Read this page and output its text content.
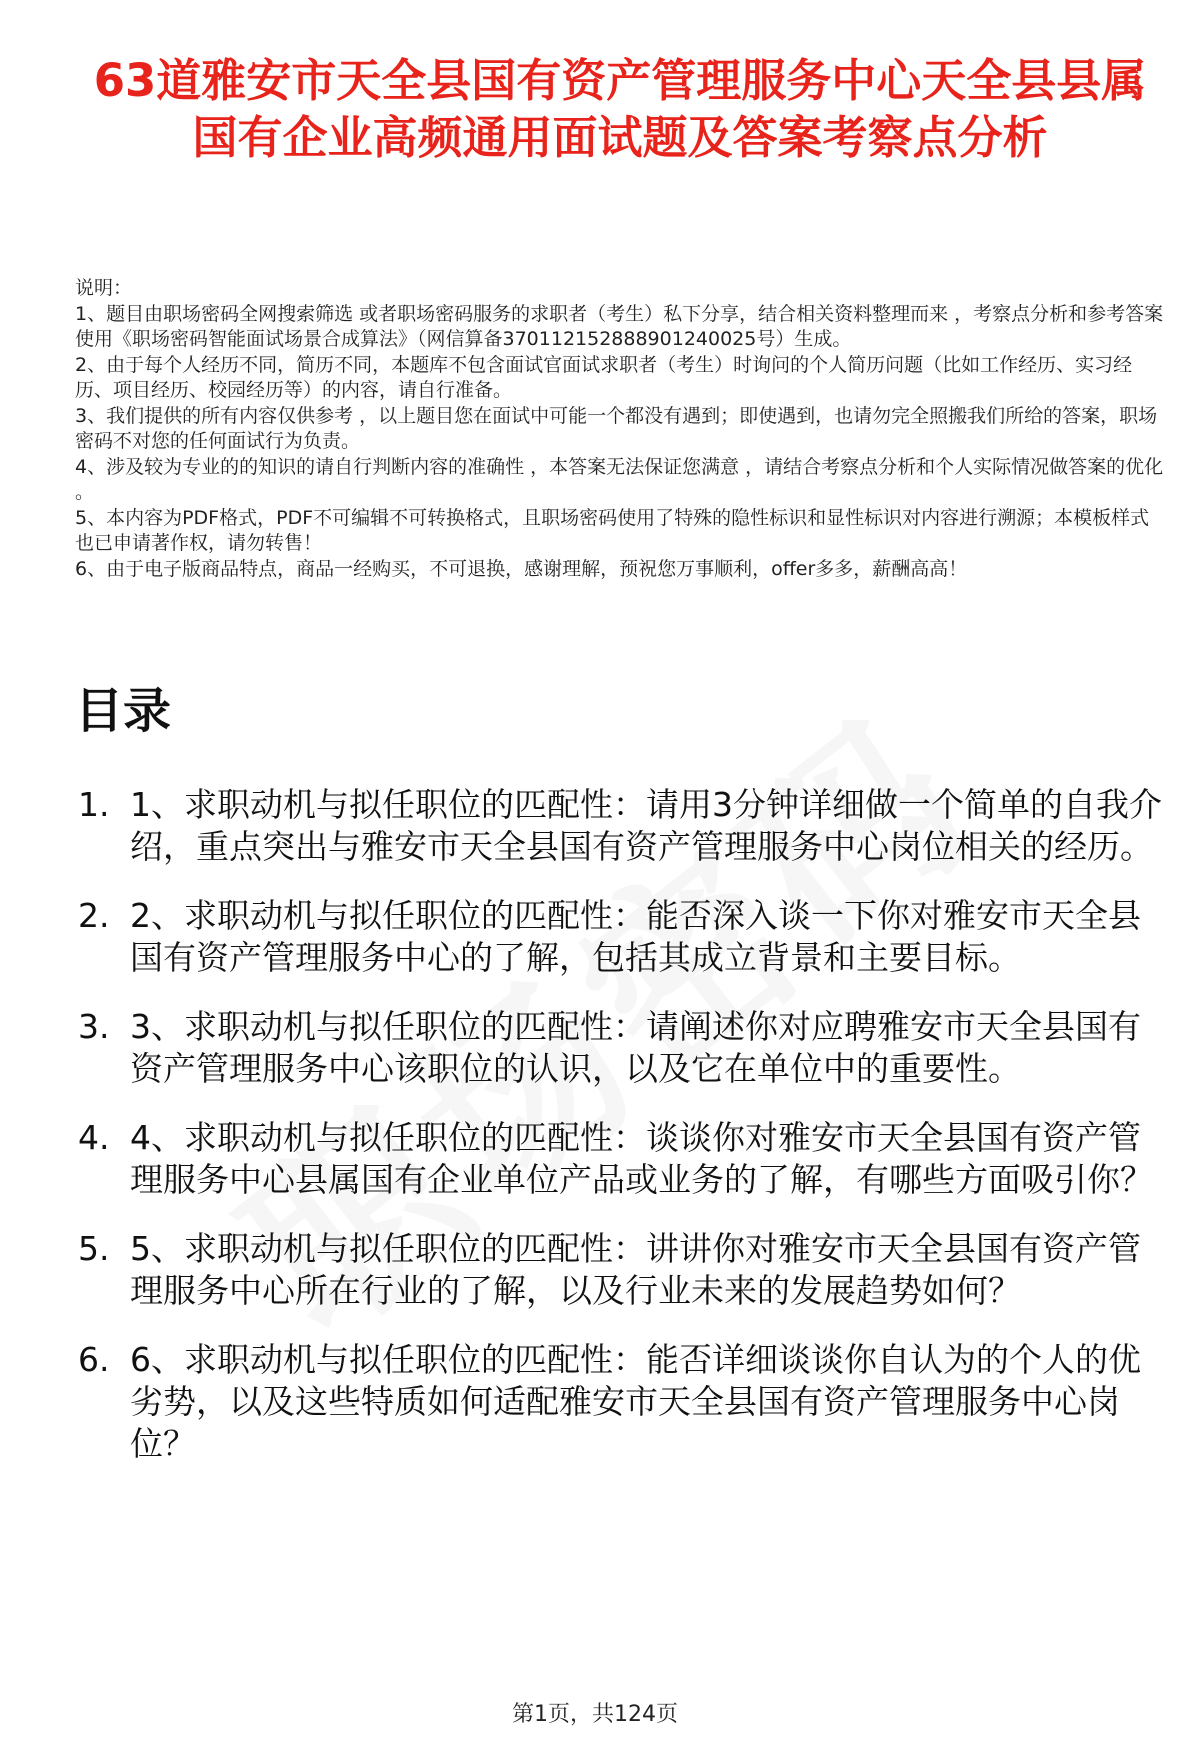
63道雅安市天全县国有资产管理服务中心天全县县属国有企业高频通用面试题及答案考察点分析

说明：

1、题目由职场密码全网搜索筛选 或者职场密码服务的求职者（考生）私下分享，结合相关资料整理而来 ，考察点分析和参考答案使用《职场密码智能面试场景合成算法》（网信算备370112152888901240025号）生成。

2、由于每个人经历不同，简历不同，本题库不包含面试官面试求职者（考生）时询问的个人简历问题（比如工作经历、实习经历、项目经历、校园经历等）的内容，请自行准备。

3、我们提供的所有内容仅供参考 ，以上题目您在面试中可能一个都没有遇到；即使遇到，也请勿完全照搬我们所给的答案，职场密码不对您的任何面试行为负责。

4、涉及较为专业的的知识的请自行判断内容的准确性 ，本答案无法保证您满意 ，请结合考察点分析和个人实际情况做答案的优化 。

5、本内容为PDF格式，PDF不可编辑不可转换格式，且职场密码使用了特殊的隐性标识和显性标识对内容进行溯源；本模板样式也已申请著作权，请勿转售！

6、由于电子版商品特点，商品一经购买，不可退换，感谢理解，预祝您万事顺利，offer多多，薪酬高高！

目录
1. 1、求职动机与拟任职位的匹配性：请用3分钟详细做一个简单的自我介绍，重点突出与雅安市天全县国有资产管理服务中心岗位相关的经历。
2. 2、求职动机与拟任职位的匹配性：能否深入谈一下你对雅安市天全县国有资产管理服务中心的了解，包括其成立背景和主要目标。
3. 3、求职动机与拟任职位的匹配性：请阐述你对应聘雅安市天全县国有资产管理服务中心该职位的认识，以及它在单位中的重要性。
4. 4、求职动机与拟任职位的匹配性：谈谈你对雅安市天全县国有资产管理服务中心县属国有企业单位产品或业务的了解，有哪些方面吸引你？
5. 5、求职动机与拟任职位的匹配性：讲讲你对雅安市天全县国有资产管理服务中心所在行业的了解，以及行业未来的发展趋势如何？
6. 6、求职动机与拟任职位的匹配性：能否详细谈谈你自认为的个人的优劣势，以及这些特质如何适配雅安市天全县国有资产管理服务中心岗位？
第1页，共124页
